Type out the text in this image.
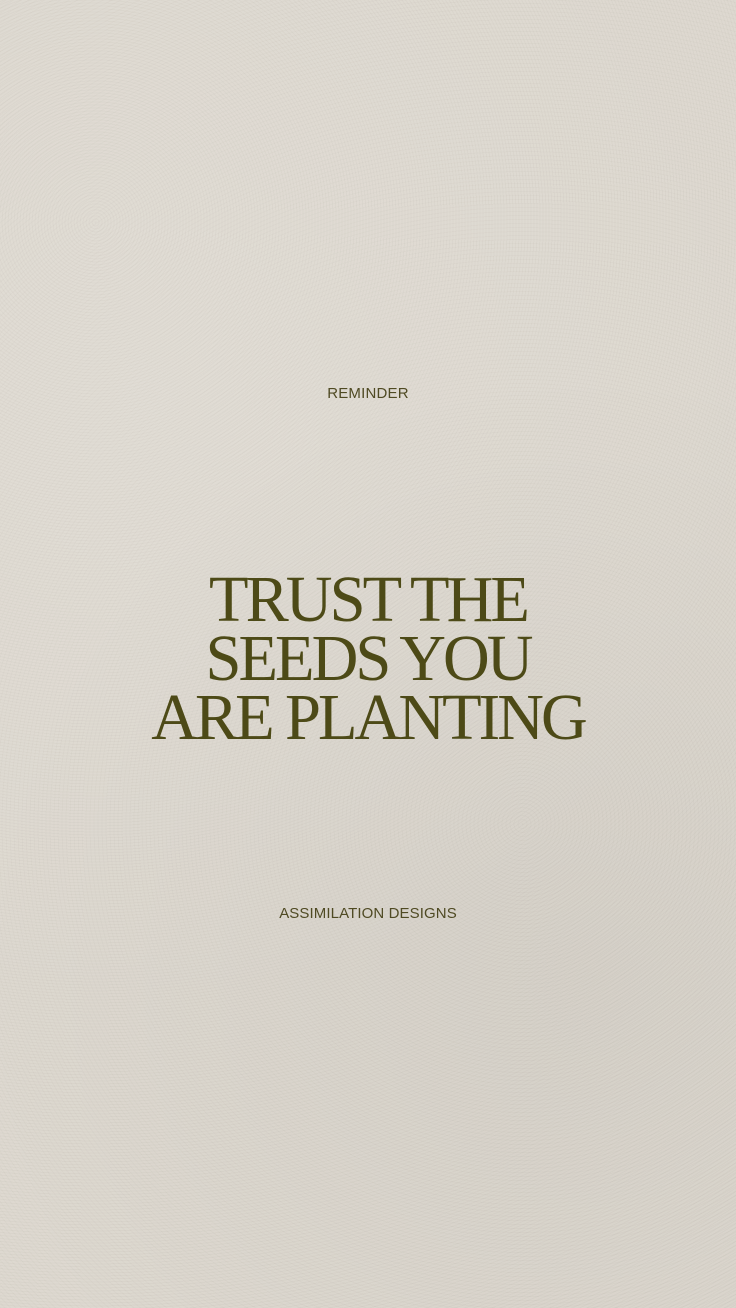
REMINDER
TRUST THE
SEEDS YOU
ARE PLANTING
ASSIMILATION DESIGNS
